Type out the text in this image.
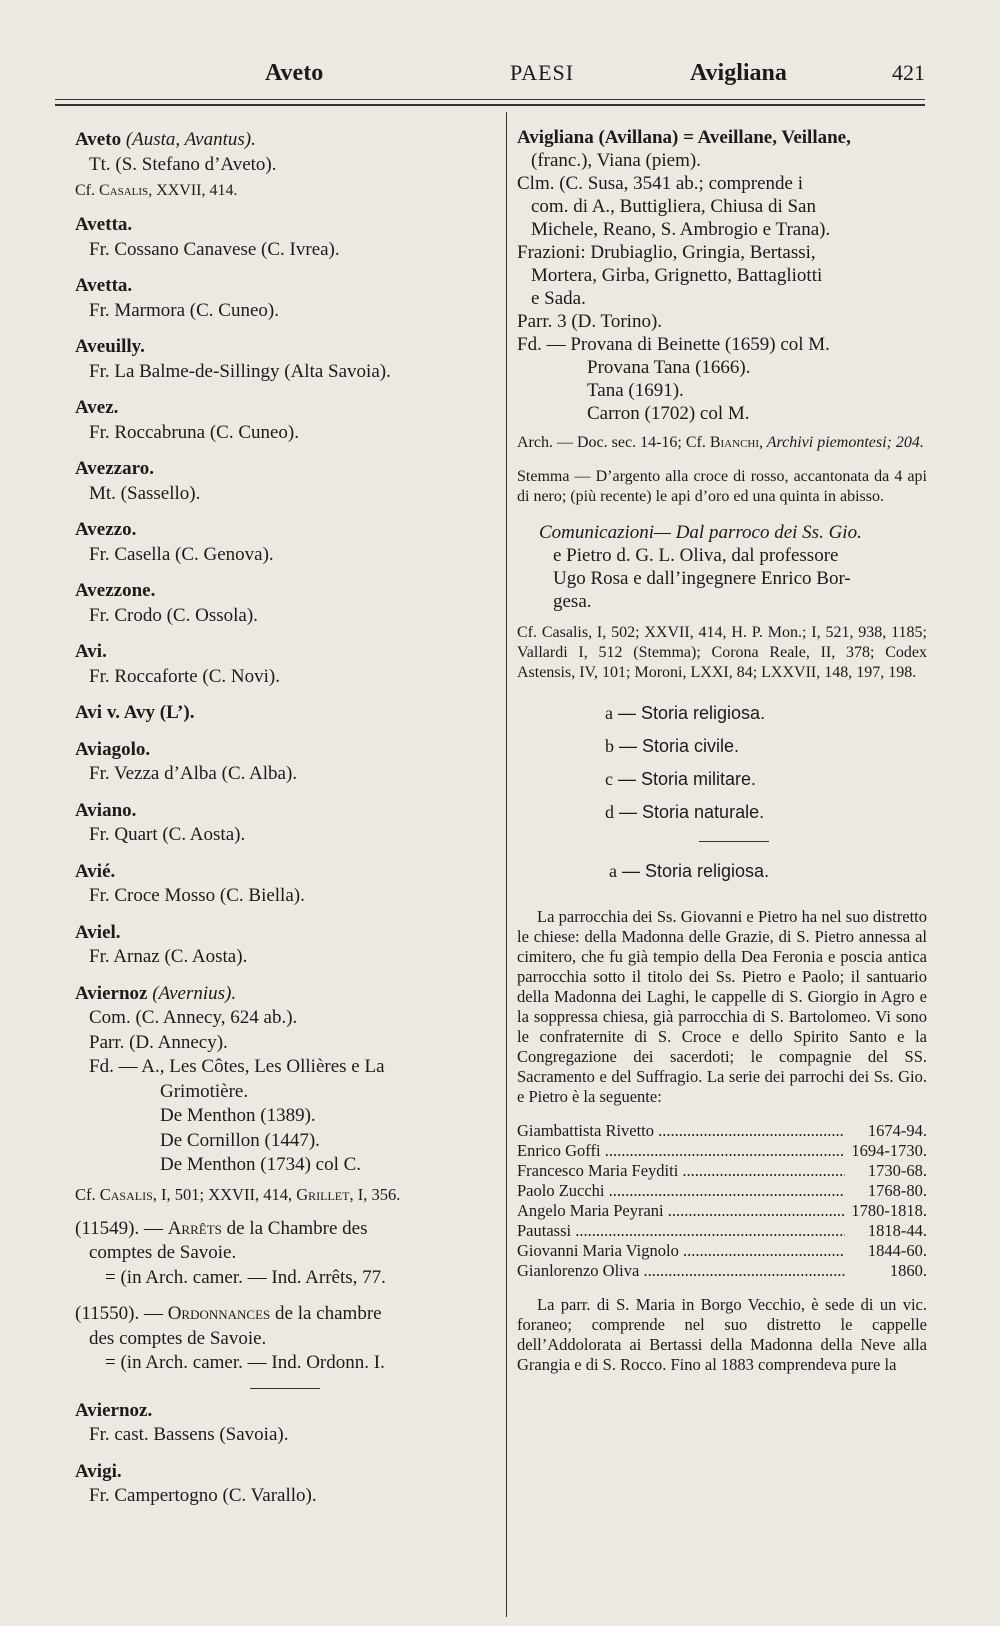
Aveto	PAESI	Avigliana	421
Aveto (Austa, Avantus).
Tt. (S. Stefano d’Aveto).
Cf. Casalis, XXVII, 414.
Avetta.
Fr. Cossano Canavese (C. Ivrea).
Avetta.
Fr. Marmora (C. Cuneo).
Aveuilly.
Fr. La Balme-de-Sillingy (Alta Savoia).
Avez.
Fr. Roccabruna (C. Cuneo).
Avezzaro.
Mt. (Sassello).
Avezzo.
Fr. Casella (C. Genova).
Avezzone.
Fr. Crodo (C. Ossola).
Avi.
Fr. Roccaforte (C. Novi).
Avi v. Avy (L’).
Aviagolo.
Fr. Vezza d’Alba (C. Alba).
Aviano.
Fr. Quart (C. Aosta).
Avié.
Fr. Croce Mosso (C. Biella).
Aviel.
Fr. Arnaz (C. Aosta).
Aviernoz (Avernius).
Com. (C. Annecy, 624 ab.).
Parr. (D. Annecy).
Fd. — A., Les Côtes, Les Ollières e La
Grimotière.
De Menthon (1389).
De Cornillon (1447).
De Menthon (1734) col C.
Cf. Casalis, I, 501; XXVII, 414, Grillet, I, 356.
(11549). — Arrêts de la Chambre des
comptes de Savoie.
= (in Arch. camer. — Ind. Arrêts, 77.
(11550). — Ordonnances de la chambre
des comptes de Savoie.
= (in Arch. camer. — Ind. Ordonn. I.
Aviernoz.
Fr. cast. Bassens (Savoia).
Avigi.
Fr. Campertogno (C. Varallo).
Avigliana (Avillana) = Aveillane, Veillane,
(franc.), Viana (piem).
Clm. (C. Susa, 3541 ab.; comprende i
com. di A., Buttigliera, Chiusa di San
Michele, Reano, S. Ambrogio e Trana).
Frazioni: Drubiaglio, Gringia, Bertassi,
Mortera, Girba, Grignetto, Battagliotti
e Sada.
Parr. 3 (D. Torino).
Fd. — Provana di Beinette (1659) col M.
Provana Tana (1666).
Tana (1691).
Carron (1702) col M.
Arch. — Doc. sec. 14-16; Cf. Bianchi, Archivi piemontesi; 204.
Stemma — D’argento alla croce di rosso, accantonata da 4 api di nero; (più recente) le api d’oro ed una quinta in abisso.
Comunicazioni— Dal parroco dei Ss. Gio.
e Pietro d. G. L. Oliva, dal professore
Ugo Rosa e dall’ingegnere Enrico Bor-
gesa.
Cf. Casalis, I, 502; XXVII, 414, H. P. Mon.; I, 521, 938, 1185; Vallardi I, 512 (Stemma); Corona Reale, II, 378; Codex Astensis, IV, 101; Moroni, LXXI, 84; LXXVII, 148, 197, 198.
a — Storia religiosa.
b — Storia civile.
c — Storia militare.
d — Storia naturale.
a — Storia religiosa.
La parrocchia dei Ss. Giovanni e Pietro ha nel suo distretto le chiese: della Madonna delle Grazie, di S. Pietro annessa al cimitero, che fu già tempio della Dea Feronia e poscia antica parrocchia sotto il titolo dei Ss. Pietro e Paolo; il santuario della Madonna dei Laghi, le cappelle di S. Giorgio in Agro e la soppressa chiesa, già parrocchia di S. Bartolomeo. Vi sono le confraternite di S. Croce e dello Spirito Santo e la Congregazione dei sacerdoti; le compagnie del SS. Sacramento e del Suffragio. La serie dei parrochi dei Ss. Gio. e Pietro è la seguente:
Giambattista Rivetto .....	1674-94.
Enrico Goffi .....	1694-1730.
Francesco Maria Feyditi .....	1730-68.
Paolo Zucchi .....	1768-80.
Angelo Maria Peyrani .....	1780-1818.
Pautassi .....	1818-44.
Giovanni Maria Vignolo .....	1844-60.
Gianlorenzo Oliva .....	1860.
La parr. di S. Maria in Borgo Vecchio, è sede di un vic. foraneo; comprende nel suo distretto le cappelle dell’Addolorata ai Bertassi della Madonna della Neve alla Grangia e di S. Rocco. Fino al 1883 comprendeva pure la
